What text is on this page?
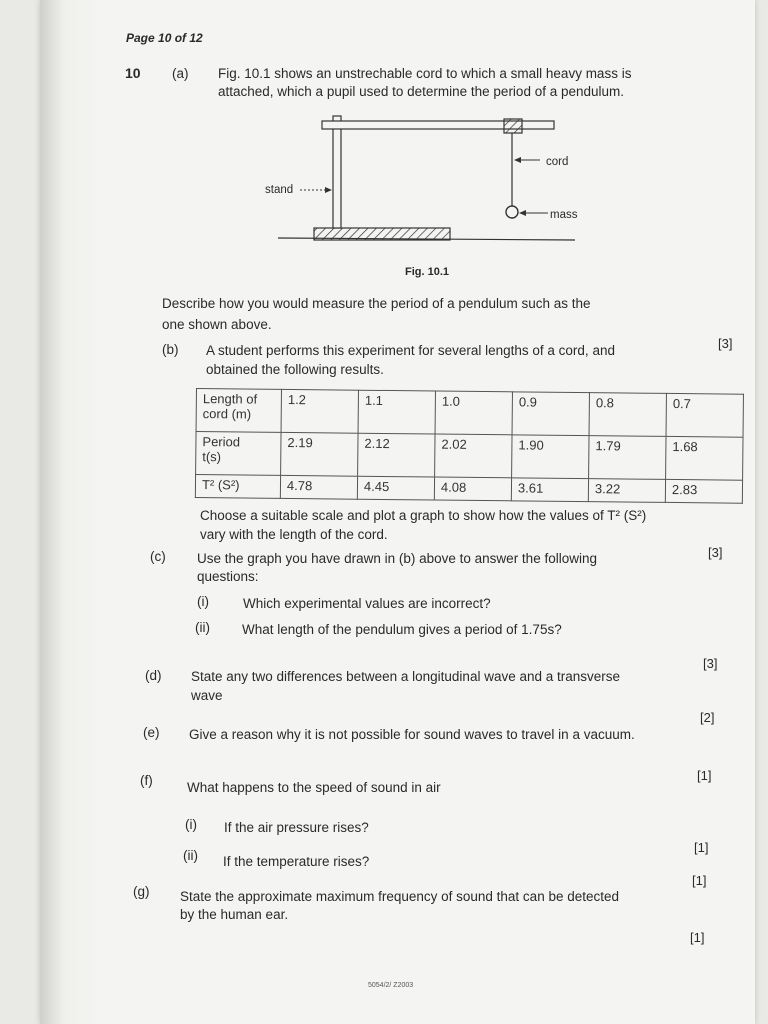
Page 10 of 12
10 (a) Fig. 10.1 shows an unstrechable cord to which a small heavy mass is
attached, which a pupil used to determine the period of a pendulum.
cord
stand
mass
Fig. 10.1
Describe how you would measure the period of a pendulum such as the
one shown above.
[3]
(b) A student performs this experiment for several lengths of a cord, and
obtained the following results.
Length of
cord (m)	1.2	1.1	1.0	0.9	0.8	0.7
Period
t(s)	2.19	2.12	2.02	1.90	1.79	1.68
T² (S²)	4.78	4.45	4.08	3.61	3.22	2.83
Choose a suitable scale and plot a graph to show how the values of T² (S²)
vary with the length of the cord.
[3]
(c) Use the graph you have drawn in (b) above to answer the following
questions:
(i)	Which experimental values are incorrect?
(ii) What length of the pendulum gives a period of 1.75s?
[3]
(d) State any two differences between a longitudinal wave and a transverse
wave
[2]
(e) Give a reason why it is not possible for sound waves to travel in a vacuum.
[1]
(f)	What happens to the speed of sound in air
(i) If the air pressure rises?
[1]
(ii) If the temperature rises?
[1]
(g) State the approximate maximum frequency of sound that can be detected
by the human ear.
[1]
5054/2/ Z2003
